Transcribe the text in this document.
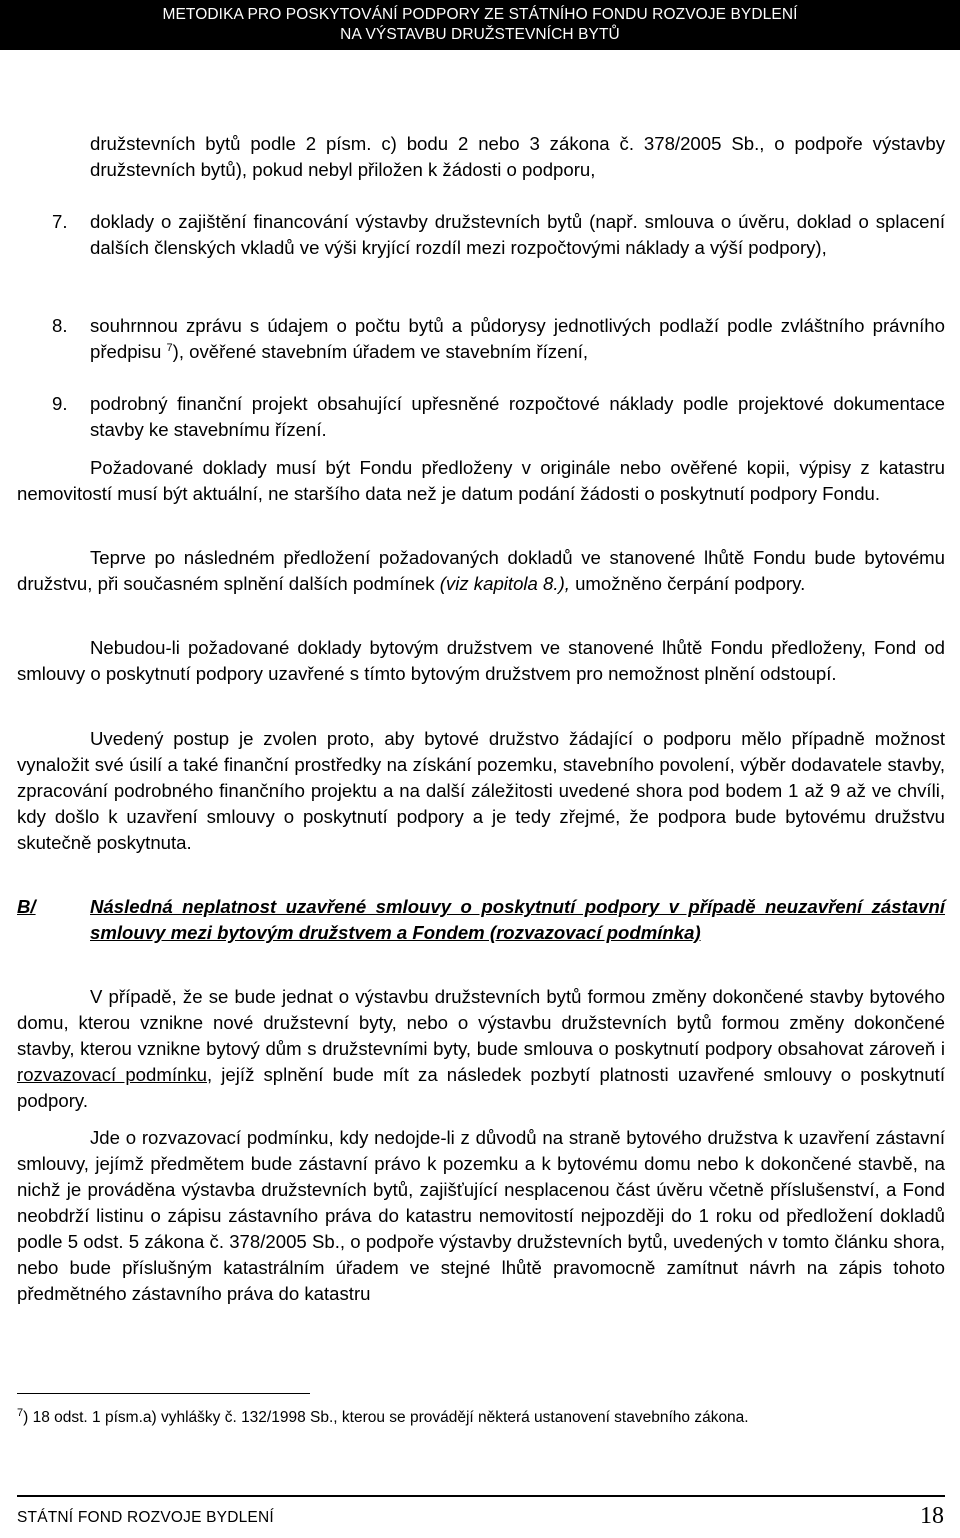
METODIKA PRO POSKYTOVÁNÍ PODPORY ZE STÁTNÍHO FONDU ROZVOJE BYDLENÍ
NA VÝSTAVBU DRUŽSTEVNÍCH BYTŮ

družstevních bytů podle 2 písm. c) bodu 2 nebo 3 zákona č. 378/2005 Sb., o podpoře výstavby družstevních bytů), pokud nebyl přiložen k žádosti o podporu,

7. doklady o zajištění financování výstavby družstevních bytů (např. smlouva o úvěru, doklad o splacení dalších členských vkladů ve výši kryjící rozdíl mezi rozpočtovými náklady a výší podpory),

8. souhrnnou zprávu s údajem o počtu bytů a půdorysy jednotlivých podlaží podle zvláštního právního předpisu $^7$), ověřené stavebním úřadem ve stavebním řízení,

9. podrobný finanční projekt obsahující upřesněné rozpočtové náklady podle projektové dokumentace stavby ke stavebnímu řízení.

Požadované doklady musí být Fondu předloženy v originále nebo ověřené kopii, výpisy z katastru nemovitostí musí být aktuální, ne staršího data než je datum podání žádosti o poskytnutí podpory Fondu.

Teprve po následném předložení požadovaných dokladů ve stanovené lhůtě Fondu bude bytovému družstvu, při současném splnění dalších podmínek (viz kapitola 8.), umožněno čerpání podpory.

Nebudou-li požadované doklady bytovým družstvem ve stanovené lhůtě Fondu předloženy, Fond od smlouvy o poskytnutí podpory uzavřené s tímto bytovým družstvem pro nemožnost plnění odstoupí.

Uvedený postup je zvolen proto, aby bytové družstvo žádající o podporu mělo případně možnost vynaložit své úsilí a také finanční prostředky na získání pozemku, stavebního povolení, výběr dodavatele stavby, zpracování podrobného finančního projektu a na další záležitosti uvedené shora pod bodem 1 až 9 až ve chvíli, kdy došlo k uzavření smlouvy o poskytnutí podpory a je tedy zřejmé, že podpora bude bytovému družstvu skutečně poskytnuta.

B/	Následná neplatnost uzavřené smlouvy o poskytnutí podpory v případě neuzavření zástavní smlouvy mezi bytovým družstvem a Fondem (rozvazovací podmínka)

V případě, že se bude jednat o výstavbu družstevních bytů formou změny dokončené stavby bytového domu, kterou vznikne nové družstevní byty, nebo o výstavbu družstevních bytů formou změny dokončené stavby, kterou vznikne bytový dům s družstevními byty, bude smlouva o poskytnutí podpory obsahovat zároveň i rozvazovací podmínku, jejíž splnění bude mít za následek pozbytí platnosti uzavřené smlouvy o poskytnutí podpory.

Jde o rozvazovací podmínku, kdy nedojde-li z důvodů na straně bytového družstva k uzavření zástavní smlouvy, jejímž předmětem bude zástavní právo k pozemku a k bytovému domu nebo k dokončené stavbě, na nichž je prováděna výstavba družstevních bytů, zajišťující nesplacenou část úvěru včetně příslušenství, a Fond neobdrží listinu o zápisu zástavního práva do katastru nemovitostí nejpozději do 1 roku od předložení dokladů podle 5 odst. 5 zákona č. 378/2005 Sb., o podpoře výstavby družstevních bytů, uvedených v tomto článku shora, nebo bude příslušným katastrálním úřadem ve stejné lhůtě pravomocně zamítnut návrh na zápis tohoto předmětného zástavního práva do katastru

$^7$) 18 odst. 1 písm.a) vyhlášky č. 132/1998 Sb., kterou se provádějí některá ustanovení stavebního zákona.
STÁTNÍ FOND ROZVOJE BYDLENÍ	18
